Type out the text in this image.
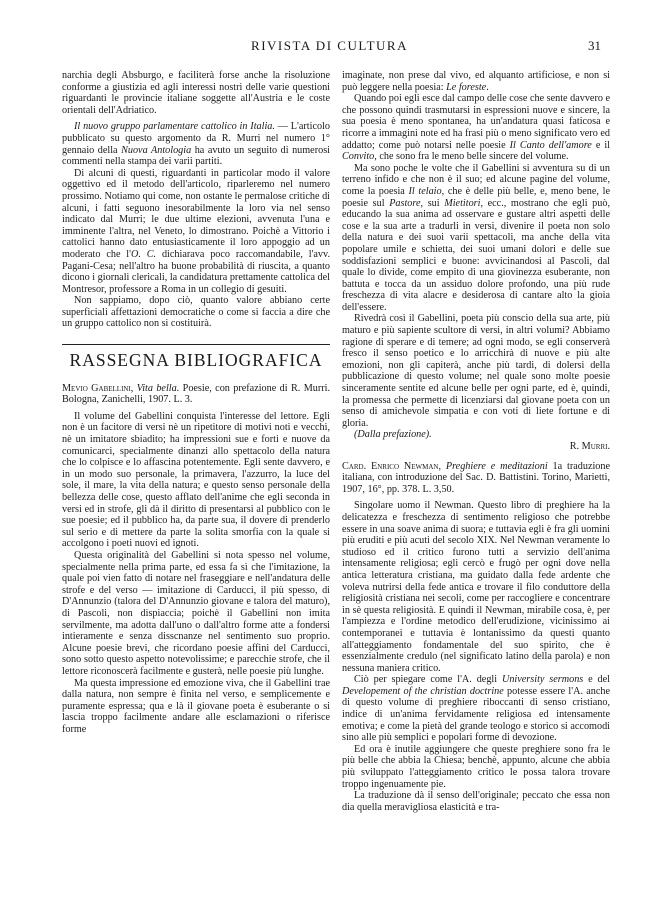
RIVISTA DI CULTURA	31

narchia degli Absburgo, e faciliterà forse anche la risoluzione conforme a giustizia ed agli interessi nostri delle varie questioni riguardanti le provincie italiane soggette all'Austria e le coste orientali dell'Adriatico.

Il nuovo gruppo parlamentare cattolico in Italia. — L'articolo pubblicato su questo argomento da R. Murri nel numero 1° gennaio della Nuova Antologia ha avuto un seguito di numerosi commenti nella stampa dei varii partiti.

Di alcuni di questi, riguardanti in particolar modo il valore oggettivo ed il metodo dell'articolo, riparleremo nel numero prossimo. Notiamo qui come, non ostante le permalose critiche di alcuni, i fatti seguono inesorabilmente la loro via nel senso indicato dal Murri; le due ultime elezioni, avvenuta l'una e imminente l'altra, nel Veneto, lo dimostrano. Poichè a Vittorio i cattolici hanno dato entusiasticamente il loro appoggio ad un moderato che l'O. C. dichiarava poco raccomandabile, l'avv. Pagani-Cesa; nell'altro ha buone probabilità di riuscita, a quanto dicono i giornali clericali, la candidatura prettamente cattolica del Montresor, professore a Roma in un collegio di gesuiti.

Non sappiamo, dopo ciò, quanto valore abbiano certe superficiali affettazioni democratiche o come si faccia a dire che un gruppo cattolico non si costituirà.

RASSEGNA BIBLIOGRAFICA

Mevio Gabellini, Vita bella. Poesie, con prefazione di R. Murri. Bologna, Zanichelli, 1907. L. 3.

Il volume del Gabellini conquista l'interesse del lettore. Egli non è un facitore di versi nè un ripetitore di motivi noti e vecchi, nè un imitatore sbiadito; ha impressioni sue e forti e nuove da comunicarci, specialmente dinanzi allo spettacolo della natura che lo colpisce e lo affascina potentemente. Egli sente davvero, e in un modo suo personale, la primavera, l'azzurro, la luce del sole, il mare, la vita della natura; e questo senso personale della bellezza delle cose, questo afflato dell'anime che egli seconda in versi ed in strofe, gli dà il diritto di presentarsi al pubblico con le sue poesie; ed il pubblico ha, da parte sua, il dovere di prenderlo sul serio e di mettere da parte la solita smorfia con la quale si accolgono i poeti nuovi ed ignoti.

Questa originalità del Gabellini si nota spesso nel volume, specialmente nella prima parte, ed essa fa sì che l'imitazione, la quale poi vien fatto di notare nel fraseggiare e nell'andatura delle strofe e del verso — imitazione di Carducci, il più spesso, di D'Annunzio (talora del D'Annunzio giovane e talora del maturo), di Pascoli, non dispiaccia; poichè il Gabellini non imita servilmente, ma adotta dall'uno o dall'altro forme atte a fondersi intieramente e senza disscnanze nel sentimento suo proprio. Alcune poesie brevi, che ricordano poesie affini del Carducci, sono sotto questo aspetto notevolissime; e parecchie strofe, che il lettore riconoscerà facilmente e gusterà, nelle poesie più lunghe.

Ma questa impressione ed emozione viva, che il Gabellini trae dalla natura, non sempre è finita nel verso, e semplicemente e puramente espressa; qua e là il giovane poeta è esuberante o si lascia troppo facilmente andare alle esclamazioni o riferisce forme

imaginate, non prese dal vivo, ed alquanto artificiose, e non si può leggere nella poesia: Le foreste.

Quando poi egli esce dal campo delle cose che sente davvero e che possono quindi trasmutarsi in espressioni nuove e sincere, la sua poesia è meno spontanea, ha un'andatura quasi faticosa e ricorre a immagini note ed ha frasi più o meno significato vero ed addatto; come può notarsi nelle poesie Il Canto dell'amore e il Convito, che sono fra le meno belle sincere del volume.

Ma sono poche le volte che il Gabellini si avventura su di un terreno infido e che non è il suo; ed alcune pagine del volume, come la poesia Il telaio, che è delle più belle, e, meno bene, le poesie sul Pastore, sui Mietitori, ecc., mostrano che egli può, educando la sua anima ad osservare e gustare altri aspetti delle cose e la sua arte a tradurli in versi, divenire il poeta non solo della natura e dei suoi varii spettacoli, ma anche della vita popolare umile e schietta, dei suoi umani dolori e delle sue soddisfazioni semplici e buone: avvicinandosi al Pascoli, dal quale lo divide, come empito di una giovinezza esuberante, non battuta e tocca da un assiduo dolore profondo, una più rude freschezza di vita alacre e desiderosa di cantare alto la gioia dell'essere.

Rivedrà così il Gabellini, poeta più conscio della sua arte, più maturo e più sapiente scultore di versi, in altri volumi? Abbiamo ragione di sperare e di temere; ad ogni modo, se egli conserverà fresco il senso poetico e lo arricchirà di nuove e più alte emozioni, non gli capiterà, anche più tardi, di dolersi della pubblicazione di questo volume; nel quale sono molte poesie sinceramente sentite ed alcune belle per ogni parte, ed è, quindi, la promessa che permette di licenziarsi dal giovane poeta con un senso di amichevole simpatia e con voti di liete fortune e di gloria.

(Dalla prefazione).

R. Murri.

Card. Enrico Newman, Preghiere e meditazioni 1a traduzione italiana, con introduzione del Sac. D. Battistini. Torino, Marietti, 1907, 16°, pp. 378. L. 3,50.

Singolare uomo il Newman. Questo libro di preghiere ha la delicatezza e freschezza di sentimento religioso che potrebbe essere in una soave anima di suora; e tuttavia egli è fra gli uomini più eruditi e più acuti del secolo XIX. Nel Newman veramente lo studioso ed il critico furono tutti a servizio dell'anima intensamente religiosa; egli cercò e frugò per ogni dove nella antica letteratura cristiana, ma guidato dalla fede ardente che voleva nutrirsi della fede antica e trovare il filo conduttore della religiosità cristiana nei secoli, come per raccogliere e concentrare in sè questa religiosità. E quindi il Newman, mirabile cosa, è, per l'ampiezza e l'ordine metodico dell'erudizione, vicinissimo ai contemporanei e tuttavia è lontanissimo da questi quanto all'atteggiamento fondamentale del suo spirito, che è essenzialmente credulo (nel significato latino della parola) e non nessuna maniera critico.

Ciò per spiegare come l'A. degli University sermons e del Developement of the christian doctrine potesse essere l'A. anche di questo volume di preghiere riboccanti di senso cristiano, indice di un'anima fervidamente religiosa ed intensamente emotiva; e come la pietà del grande teologo e storico si accomodi sino alle più semplici e popolari forme di devozione.

Ed ora è inutile aggiungere che queste preghiere sono fra le più belle che abbia la Chiesa; benchè, appunto, alcune che abbia più sviluppato l'atteggiamento critico le possa talora trovare troppo ingenuamente pie.

La traduzione dà il senso dell'originale; peccato che essa non dia quella meravigliosa elasticità e tra-
